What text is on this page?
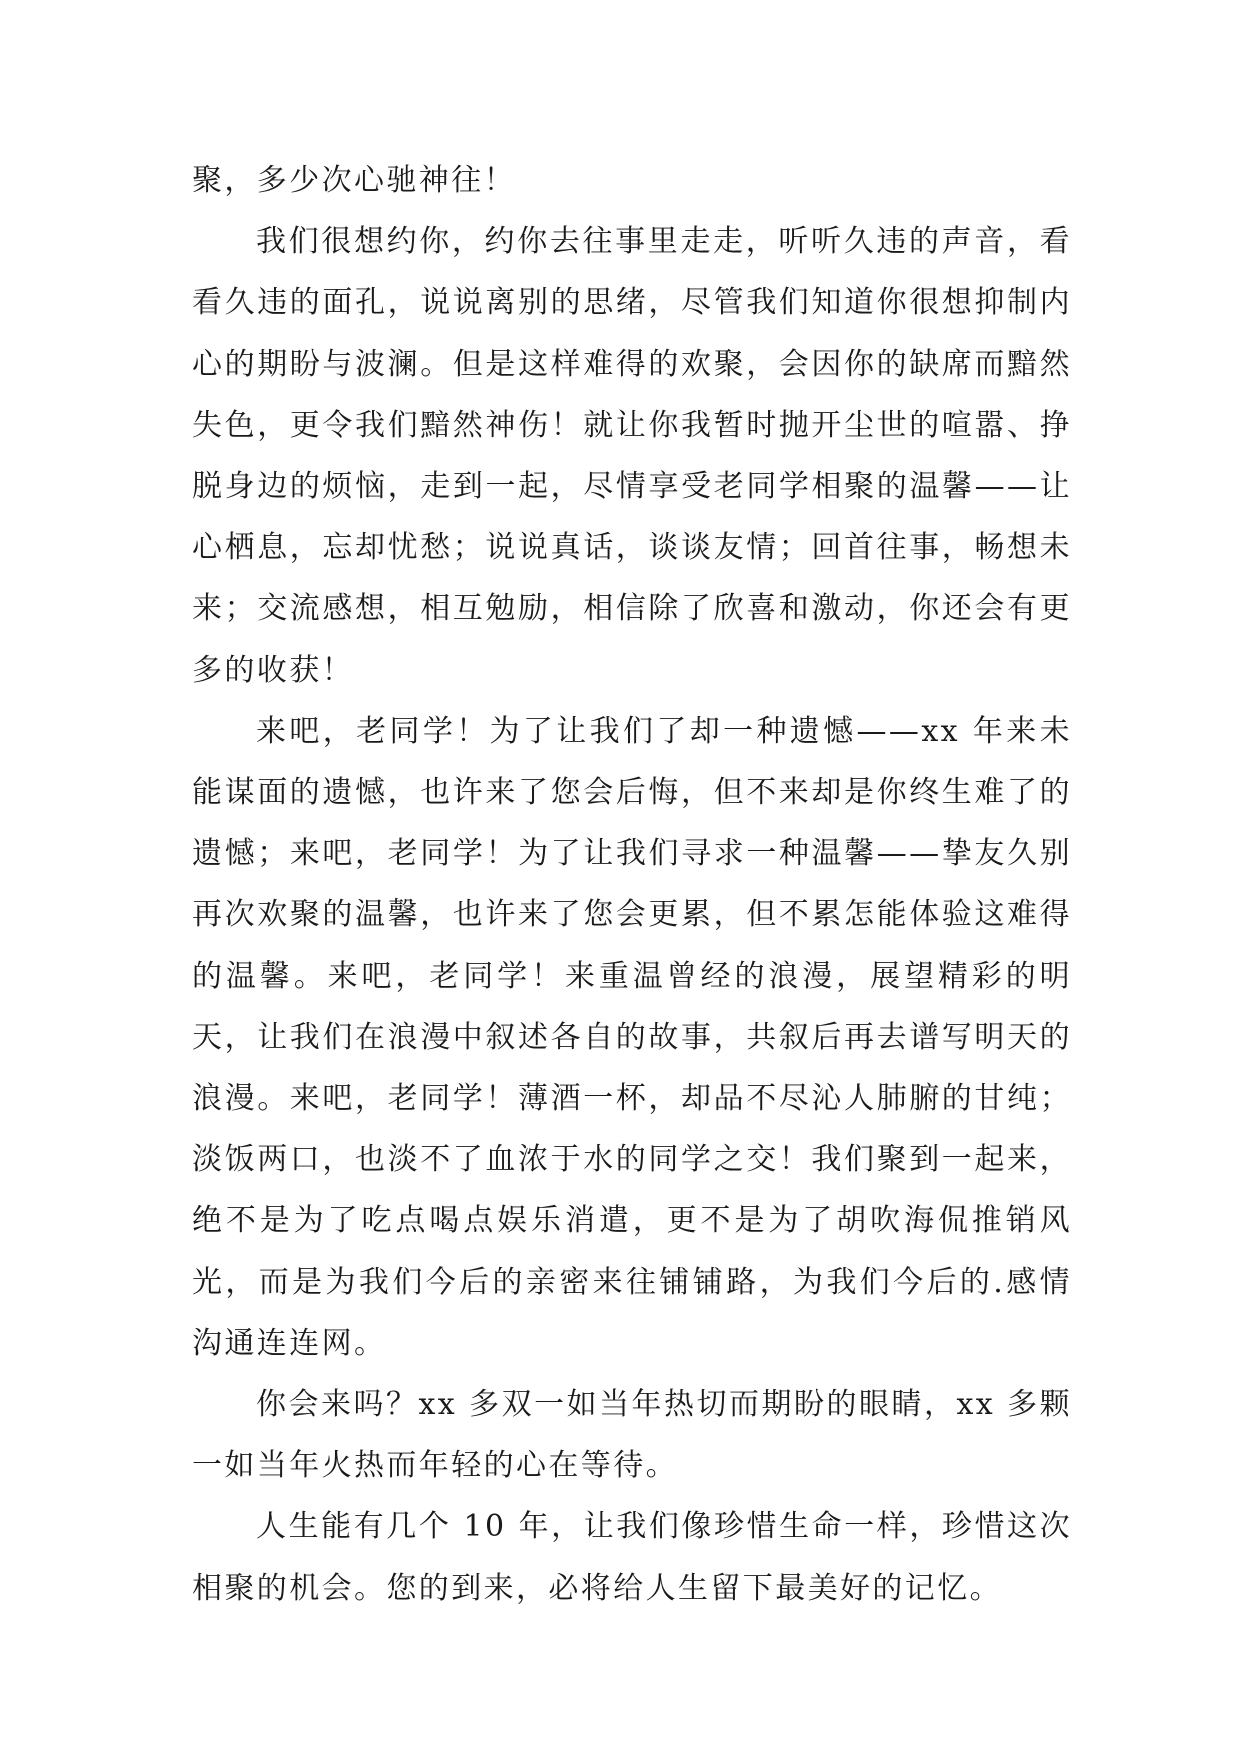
聚，多少次心驰神往！

我们很想约你，约你去往事里走走，听听久违的声音，看看久违的面孔，说说离别的思绪，尽管我们知道你很想抑制内心的期盼与波澜。但是这样难得的欢聚，会因你的缺席而黯然失色，更令我们黯然神伤！就让你我暂时抛开尘世的喧嚣、挣脱身边的烦恼，走到一起，尽情享受老同学相聚的温馨——让心栖息，忘却忧愁；说说真话，谈谈友情；回首往事，畅想未来；交流感想，相互勉励，相信除了欣喜和激动，你还会有更多的收获！

来吧，老同学！为了让我们了却一种遗憾——xx 年来未能谋面的遗憾，也许来了您会后悔，但不来却是你终生难了的遗憾；来吧，老同学！为了让我们寻求一种温馨——挚友久别再次欢聚的温馨，也许来了您会更累，但不累怎能体验这难得的温馨。来吧，老同学！来重温曾经的浪漫，展望精彩的明天，让我们在浪漫中叙述各自的故事，共叙后再去谱写明天的浪漫。来吧，老同学！薄酒一杯，却品不尽沁人肺腑的甘纯；淡饭两口，也淡不了血浓于水的同学之交！我们聚到一起来，绝不是为了吃点喝点娱乐消遣，更不是为了胡吹海侃推销风光，而是为我们今后的亲密来往铺铺路，为我们今后的.感情沟通连连网。

你会来吗？xx 多双一如当年热切而期盼的眼睛，xx 多颗一如当年火热而年轻的心在等待。

人生能有几个 10 年，让我们像珍惜生命一样，珍惜这次相聚的机会。您的到来，必将给人生留下最美好的记忆。
